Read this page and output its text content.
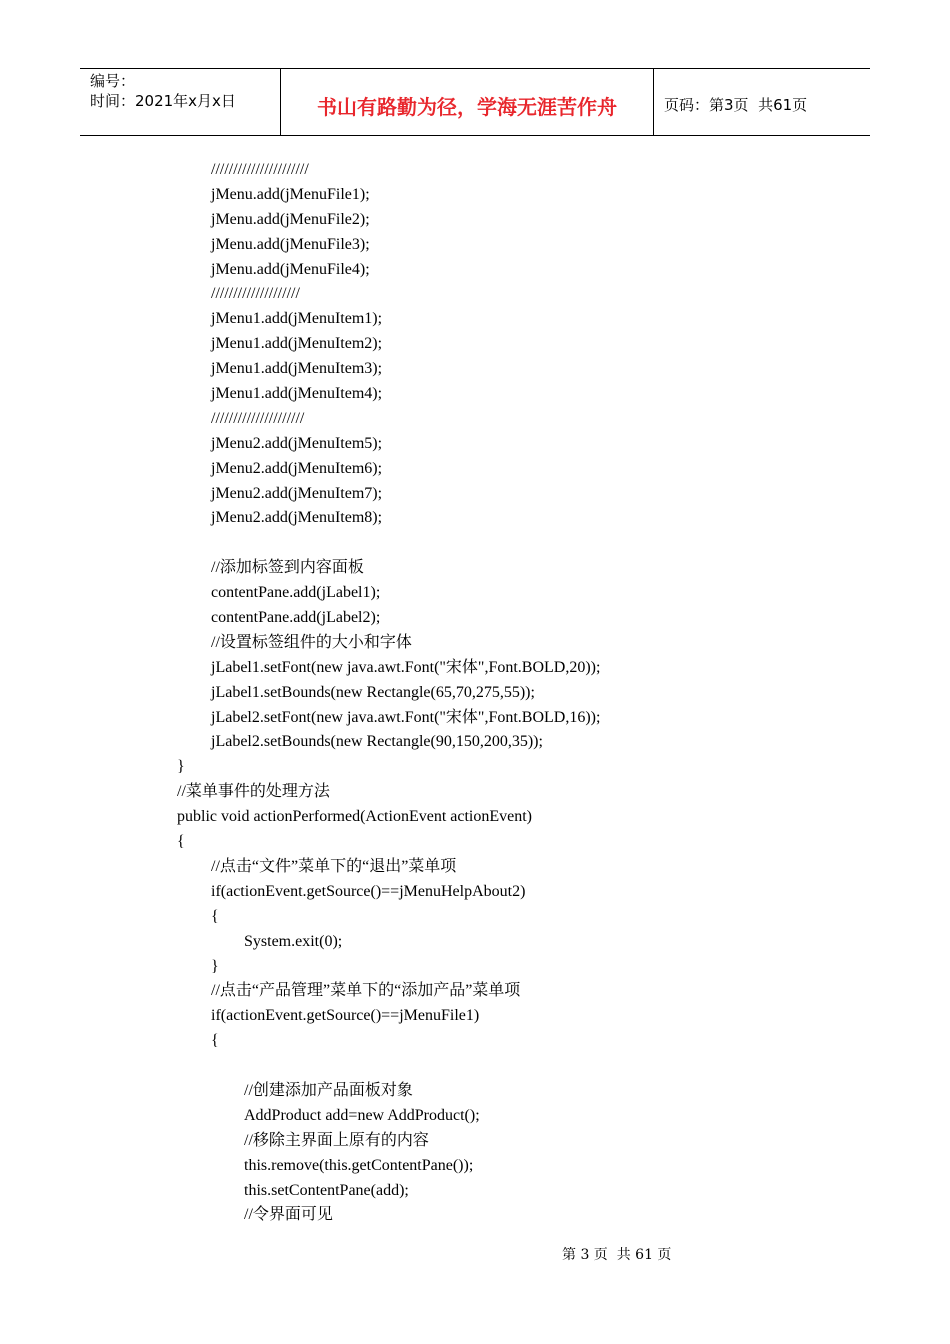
编号：
时间：2021年x月x日	书山有路勤为径，学海无涯苦作舟	页码：第3页  共61页
//////////////////////
jMenu.add(jMenuFile1);
jMenu.add(jMenuFile2);
jMenu.add(jMenuFile3);
jMenu.add(jMenuFile4);
////////////////////
jMenu1.add(jMenuItem1);
jMenu1.add(jMenuItem2);
jMenu1.add(jMenuItem3);
jMenu1.add(jMenuItem4);
/////////////////////
jMenu2.add(jMenuItem5);
jMenu2.add(jMenuItem6);
jMenu2.add(jMenuItem7);
jMenu2.add(jMenuItem8);
//添加标签到内容面板
contentPane.add(jLabel1);
contentPane.add(jLabel2);
//设置标签组件的大小和字体
jLabel1.setFont(new java.awt.Font("宋体",Font.BOLD,20));
jLabel1.setBounds(new Rectangle(65,70,275,55));
jLabel2.setFont(new java.awt.Font("宋体",Font.BOLD,16));
jLabel2.setBounds(new Rectangle(90,150,200,35));
}
//菜单事件的处理方法
public void actionPerformed(ActionEvent actionEvent)
{
//点击“文件”菜单下的“退出”菜单项
if(actionEvent.getSource()==jMenuHelpAbout2)
{
System.exit(0);
}
//点击“产品管理”菜单下的“添加产品”菜单项
if(actionEvent.getSource()==jMenuFile1)
{
//创建添加产品面板对象
AddProduct add=new AddProduct();
//移除主界面上原有的内容
this.remove(this.getContentPane());
this.setContentPane(add);
//令界面可见
第 3 页  共 61 页
